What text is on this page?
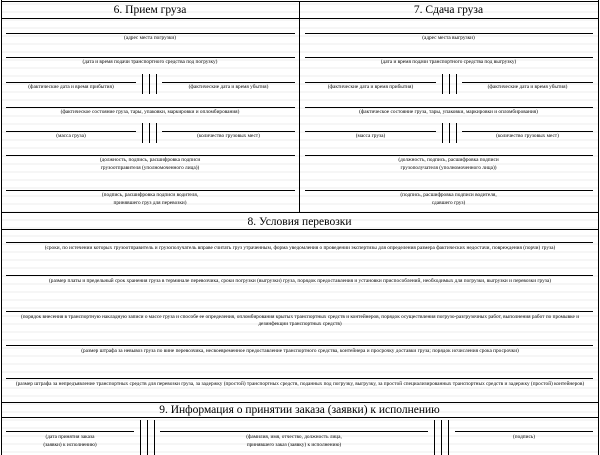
6. Прием груза
(адрес места погрузки)
(дата и время подачи транспортного средства под погрузку)
(фактические дата и время прибытия)	(фактические дата и время убытия)
(фактическое состояние груза, тары, упаковки, маркировки и опломбирования)
(масса груза)	(количество грузовых мест)
(должность, подпись, расшифровка подписи
грузоотправителя (уполномоченного лица))
(подпись, расшифровка подписи водителя,
принявшего груз для перевозки)
7. Сдача груза
(адрес места выгрузки)
(дата и время подачи транспортного средства под выгрузку)
(фактические дата и время прибытия)	(фактические дата и время убытия)
(фактическое состояние груза, тары, упаковки, маркировки и опломбирования)
(масса груза)	(количество грузовых мест)
(должность, подпись, расшифровка подписи
грузополучателя (уполномоченного лица))
(подпись, расшифровка подписи водителя,
сдавшего груз)
8. Условия перевозки
(сроки, по истечении которых грузоотправитель и грузополучатель вправе считать груз утраченным, форма уведомления о проведении экспертизы для определения размера фактических недостачи, повреждения (порчи) груза)
(размер платы и предельный срок хранения груза в терминале перевозчика, сроки погрузки (выгрузки) груза, порядок предоставления и установки приспособлений, необходимых для погрузки, выгрузки и перевозки груза)
(порядок внесения в транспортную накладную записи о массе груза и способе ее определения, опломбирования крытых транспортных средств и контейнеров, порядок осуществления погрузо-разгрузочных работ, выполнения работ по промывке и дезинфекции транспортных средств)
(размер штрафа за невывоз груза по вине перевозчика, несвоевременное предоставление транспортного средства, контейнера и просрочку доставки груза; порядок исчисления срока просрочки)
(размер штрафа за непредъявление транспортных средств для перевозки груза, за задержку (простой) транспортных средств, поданных под погрузку, выгрузку, за простой специализированных транспортных средств и задержку (простой) контейнеров)
9. Информация о принятии заказа (заявки) к исполнению
(дата принятия заказа
(заявки) к исполнению)
(фамилия, имя, отчество, должность лица,
принявшего заказ (заявку) к исполнению)
(подпись)
